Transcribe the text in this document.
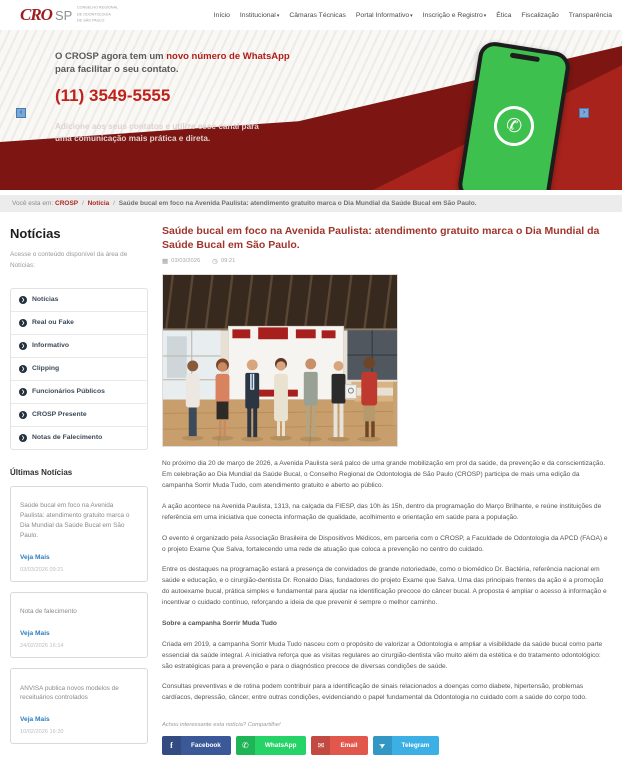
CRO SP CONSELHO REGIONAL
DE ODONTOLOGIA
DE SÃO PAULO
Início Institucional▾ Câmaras Técnicas Portal Informativo▾ Inscrição e Registro▾ Ética Fiscalização Transparência

O CROSP agora tem um novo número de WhatsApp para facilitar o seu contato.

(11) 3549-5555

Adicione aos seus contatos e utilize esse canal para uma comunicação mais prática e direta.

✆
‹	›
Você esta em: CROSP / Notícia / Saúde bucal em foco na Avenida Paulista: atendimento gratuito marca o Dia Mundial da Saúde Bucal em São Paulo.
Notícias

Acesse o conteúdo disponível da área de Notícias:

❯	Notícias
❯	Real ou Fake
❯	Informativo
❯	Clipping
❯	Funcionários Públicos
❯	CROSP Presente
❯	Notas de Falecimento
Últimas Notícias

Saúde bucal em foco na Avenida Paulista: atendimento gratuito marca o Dia Mundial da Saúde Bucal em São Paulo.

Veja Mais
03/03/2026 09:21

Nota de falecimento

Veja Mais
24/02/2026 16:14

ANVISA publica novos modelos de receituários controlados

Veja Mais
10/02/2026 16:20
Saúde bucal em foco na Avenida Paulista: atendimento gratuito marca o Dia Mundial da Saúde Bucal em São Paulo.
▦ 03/03/2026 ◷ 09:21

No próximo dia 20 de março de 2026, a Avenida Paulista será palco de uma grande mobilização em prol da saúde, da prevenção e da conscientização. Em celebração ao Dia Mundial da Saúde Bucal, o Conselho Regional de Odontologia de São Paulo (CROSP) participa de mais uma edição da campanha Sorrir Muda Tudo, com atendimento gratuito e aberto ao público.

A ação acontece na Avenida Paulista, 1313, na calçada da FIESP, das 10h às 15h, dentro da programação do Março Brilhante, e reúne instituições de referência em uma iniciativa que conecta informação de qualidade, acolhimento e orientação em saúde para a população.

O evento é organizado pela Associação Brasileira de Dispositivos Médicos, em parceria com o CROSP, a Faculdade de Odontologia da APCD (FAOA) e o projeto Exame Que Salva, fortalecendo uma rede de atuação que coloca a prevenção no centro do cuidado.

Entre os destaques na programação estará a presença de convidados de grande notoriedade, como o biomédico Dr. Bactéria, referência nacional em saúde e educação, e o cirurgião-dentista Dr. Ronaldo Dias, fundadores do projeto Exame que Salva. Uma das principais frentes da ação é a promoção do autoexame bucal, prática simples e fundamental para ajudar na identificação precoce do câncer bucal. A proposta é ampliar o acesso à informação e incentivar o cuidado contínuo, reforçando a ideia de que prevenir é sempre o melhor caminho.

Sobre a campanha Sorrir Muda Tudo

Criada em 2019, a campanha Sorrir Muda Tudo nasceu com o propósito de valorizar a Odontologia e ampliar a visibilidade da saúde bucal como parte essencial da saúde integral. A iniciativa reforça que as visitas regulares ao cirurgião-dentista vão muito além da estética e do tratamento odontológico: são estratégicas para a prevenção e para o diagnóstico precoce de diversas condições de saúde.

Consultas preventivas e de rotina podem contribuir para a identificação de sinais relacionados a doenças como diabete, hipertensão, problemas cardíacos, depressão, câncer, entre outras condições, evidenciando o papel fundamental da Odontologia no cuidado com a saúde do corpo todo.

Achou interessante esta notícia? Compartilhe!

f	Facebook	✆	WhatsApp	✉	Email	➤	Telegram
